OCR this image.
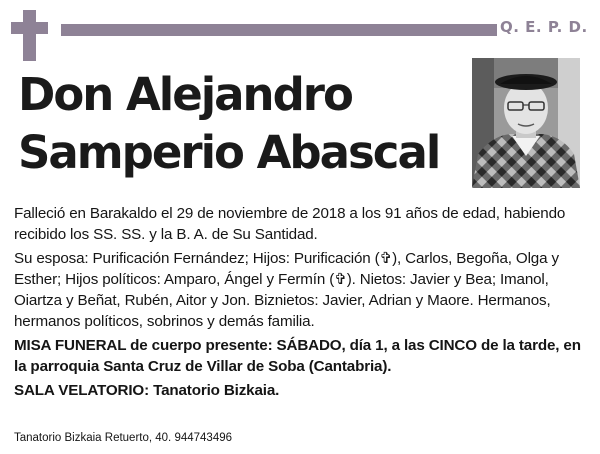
Q. E. P. D.
Don Alejandro
Samperio Abascal

Falleció en Barakaldo el 29 de noviembre de 2018 a los 91 años de edad, habiendo recibido los SS. SS. y la B. A. de Su Santidad.

Su esposa: Purificación Fernández; Hijos: Purificación (✞), Carlos, Begoña, Olga y Esther; Hijos políticos: Amparo, Ángel y Fermín (✞). Nietos: Javier y Bea; Imanol, Oiartza y Beñat, Rubén, Aitor y Jon. Biznietos: Javier, Adrian y Maore. Hermanos, hermanos políticos, sobrinos y demás familia.

MISA FUNERAL de cuerpo presente: SÁBADO, día 1, a las CINCO de la tarde, en la parroquia Santa Cruz de Villar de Soba (Cantabria).

SALA VELATORIO: Tanatorio Bizkaia.

Tanatorio Bizkaia Retuerto, 40. 944743496
